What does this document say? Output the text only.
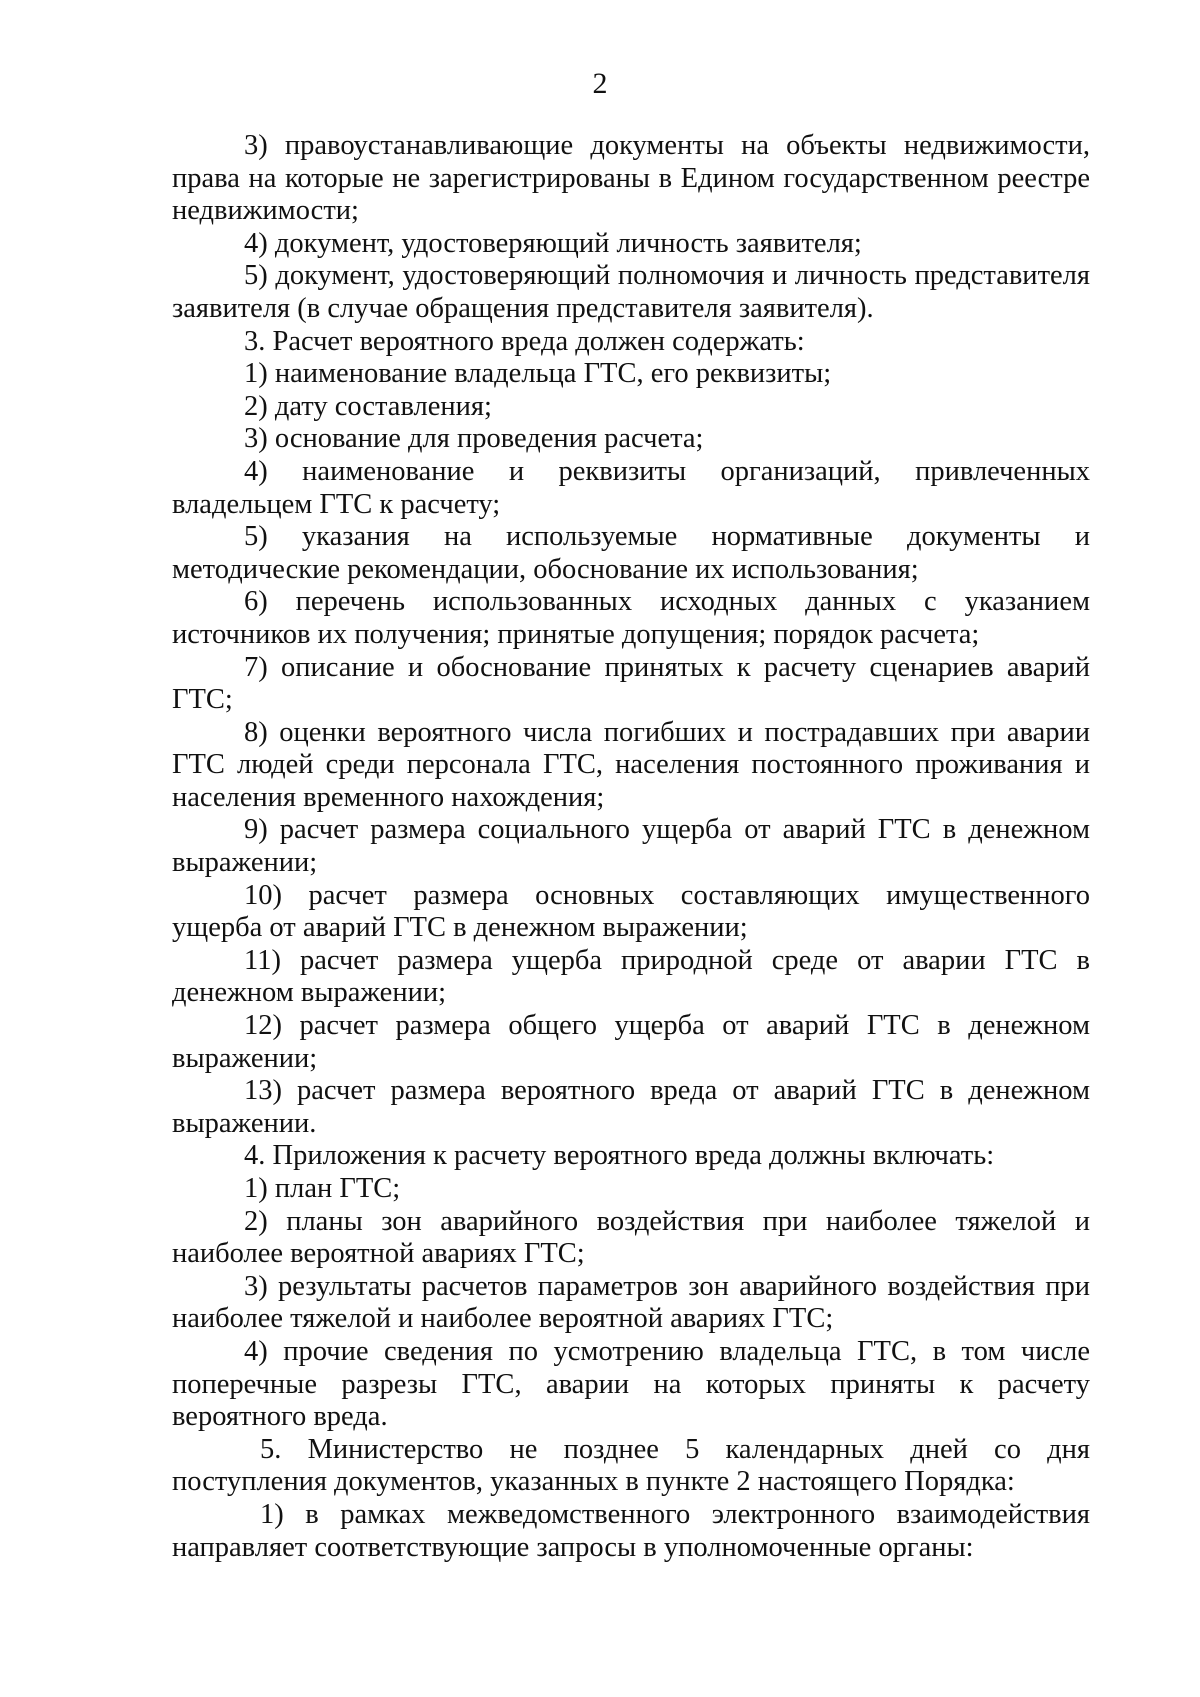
2

3) правоустанавливающие документы на объекты недвижимости, права на которые не зарегистрированы в Едином государственном реестре недвижимости;

4) документ, удостоверяющий личность заявителя;

5) документ, удостоверяющий полномочия и личность представителя заявителя (в случае обращения представителя заявителя).

3. Расчет вероятного вреда должен содержать:

1) наименование владельца ГТС, его реквизиты;

2) дату составления;

3) основание для проведения расчета;

4) наименование и реквизиты организаций, привлеченных владельцем ГТС к расчету;

5) указания на используемые нормативные документы и методические рекомендации, обоснование их использования;

6) перечень использованных исходных данных с указанием источников их получения; принятые допущения; порядок расчета;

7) описание и обоснование принятых к расчету сценариев аварий ГТС;

8) оценки вероятного числа погибших и пострадавших при аварии ГТС людей среди персонала ГТС, населения постоянного проживания и населения временного нахождения;

9) расчет размера социального ущерба от аварий ГТС в денежном выражении;

10) расчет размера основных составляющих имущественного ущерба от аварий ГТС в денежном выражении;

11) расчет размера ущерба природной среде от аварии ГТС в денежном выражении;

12) расчет размера общего ущерба от аварий ГТС в денежном выражении;

13) расчет размера вероятного вреда от аварий ГТС в денежном выражении.

4. Приложения к расчету вероятного вреда должны включать:

1) план ГТС;

2) планы зон аварийного воздействия при наиболее тяжелой и наиболее вероятной авариях ГТС;

3) результаты расчетов параметров зон аварийного воздействия при наиболее тяжелой и наиболее вероятной авариях ГТС;

4) прочие сведения по усмотрению владельца ГТС, в том числе поперечные разрезы ГТС, аварии на которых приняты к расчету вероятного вреда.

5. Министерство не позднее 5 календарных дней со дня поступления документов, указанных в пункте 2 настоящего Порядка:

1) в рамках межведомственного электронного взаимодействия направляет соответствующие запросы в уполномоченные органы:
